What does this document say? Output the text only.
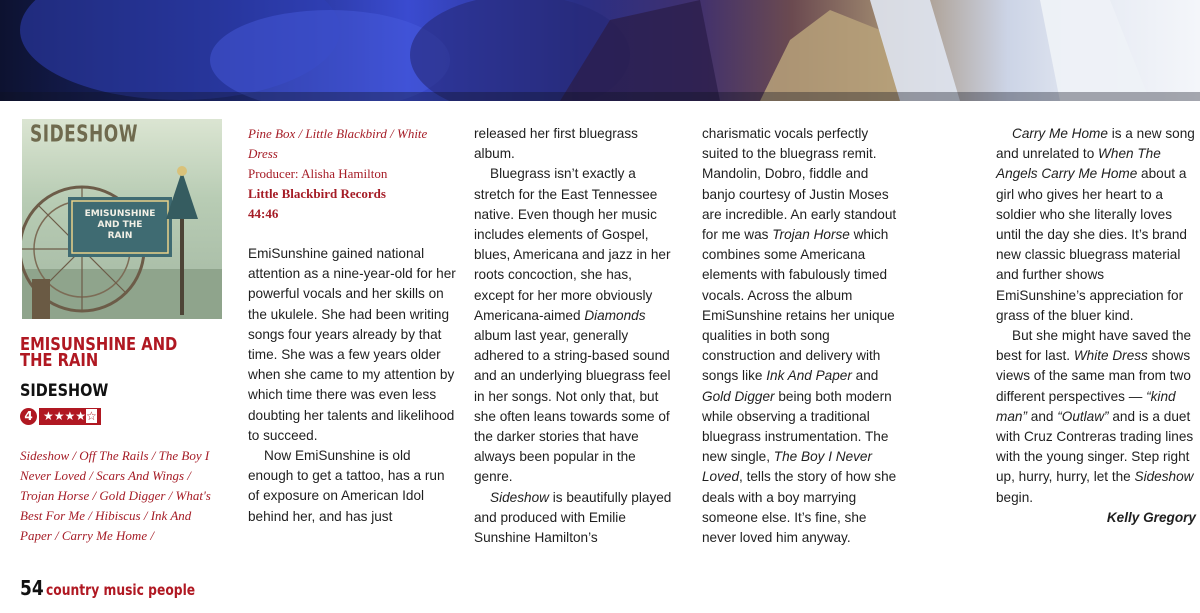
SIDESHOW
EMISUNSHINE
AND THE
RAIN
EMISUNSHINE AND THE RAIN
SIDESHOW
4 ★★★★☆
Sideshow / Off The Rails / The Boy I Never Loved / Scars And Wings / Trojan Horse / Gold Digger / What's Best For Me / Hibiscus / Ink And Paper / Carry Me Home /
Pine Box / Little Blackbird / White Dress
Producer: Alisha Hamilton
Little Blackbird Records
44:46

EmiSunshine gained national attention as a nine-year-old for her powerful vocals and her skills on the ukulele. She had been writing songs four years already by that time. She was a few years older when she came to my attention by which time there was even less doubting her talents and likelihood to succeed.

Now EmiSunshine is old enough to get a tattoo, has a run of exposure on American Idol behind her, and has just

released her first bluegrass album.

Bluegrass isn’t exactly a stretch for the East Tennessee native. Even though her music includes elements of Gospel, blues, Americana and jazz in her roots concoction, she has, except for her more obviously Americana-aimed Diamonds album last year, generally adhered to a string-based sound and an underlying bluegrass feel in her songs. Not only that, but she often leans towards some of the darker stories that have always been popular in the genre.

Sideshow is beautifully played and produced with Emilie Sunshine Hamilton’s

charismatic vocals perfectly suited to the bluegrass remit. Mandolin, Dobro, fiddle and banjo courtesy of Justin Moses are incredible. An early standout for me was Trojan Horse which combines some Americana elements with fabulously timed vocals. Across the album EmiSunshine retains her unique qualities in both song construction and delivery with songs like Ink And Paper and Gold Digger being both modern while observing a traditional bluegrass instrumentation. The new single, The Boy I Never Loved, tells the story of how she deals with a boy marrying someone else. It’s fine, she never loved him anyway.

Carry Me Home is a new song and unrelated to When The Angels Carry Me Home about a girl who gives her heart to a soldier who she literally loves until the day she dies. It’s brand new classic bluegrass material and further shows EmiSunshine’s appreciation for grass of the bluer kind.

But she might have saved the best for last. White Dress shows views of the same man from two different perspectives — “kind man” and “Outlaw” and is a duet with Cruz Contreras trading lines with the young singer. Step right up, hurry, hurry, let the Sideshow begin.

Kelly Gregory
54 country music people
